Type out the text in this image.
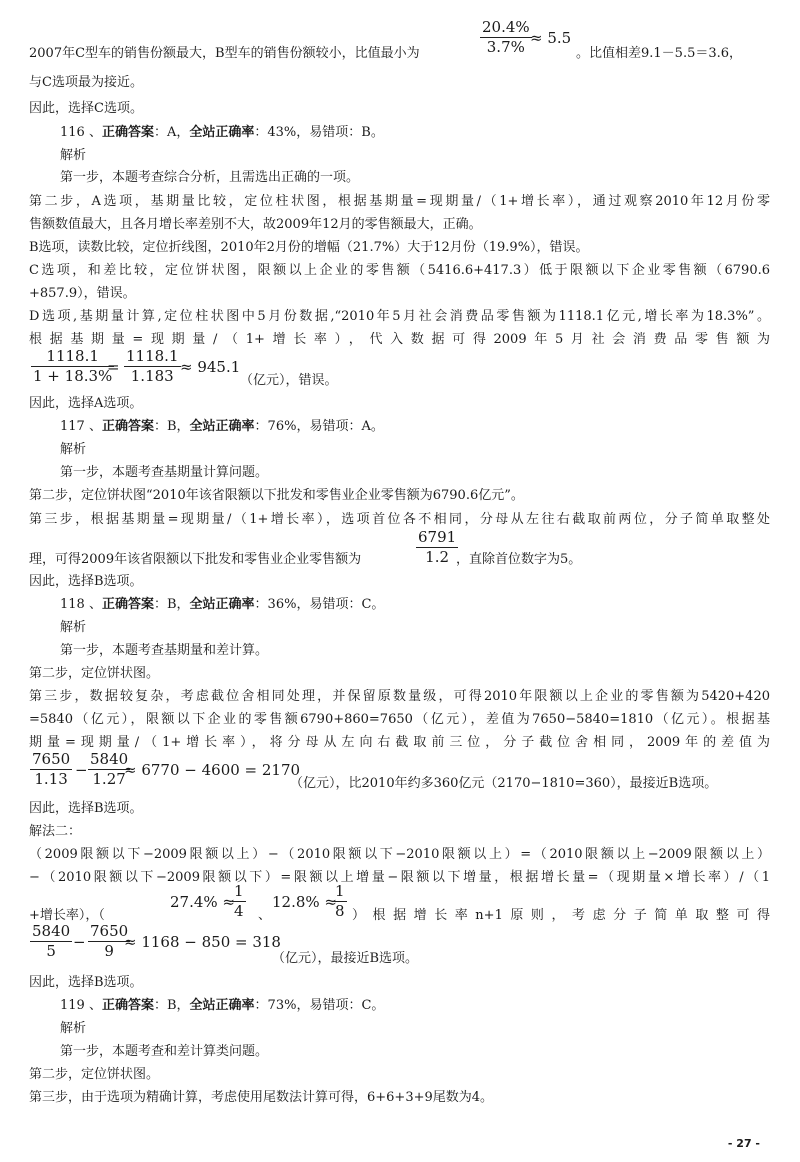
2007年C型车的销售份额最大，B型车的销售份额较小，比值最小为	$\frac{20.4\%}{3.7\%}$
≈ 5.5
。比值相差9.1－5.5＝3.6，
与C选项最为接近。
因此，选择C选项。
116 、正确答案：A，全站正确率：43%，易错项：B。
解析
第一步，本题考查综合分析，且需选出正确的一项。
第二步，A选项，基期量比较，定位柱状图，根据基期量=现期量/（1+增长率），通过观察2010年12月份零
售额数值最大，且各月增长率差别不大，故2009年12月的零售额最大，正确。
B选项，读数比较，定位折线图，2010年2月份的增幅（21.7%）大于12月份（19.9%），错误。
C选项，和差比较，定位饼状图，限额以上企业的零售额（5416.6+417.3）低于限额以下企业零售额（6790.6
+857.9），错误。
D选项,基期量计算,定位柱状图中5月份数据,“2010年5月社会消费品零售额为1118.1亿元,增长率为18.3%”。
根据基期量=现期量/（1+增长率），代入数据可得2009年5月社会消费品零售额为
$\frac{1118.1}{1 + 18.3\%}$
= $\frac{1118.1}{1.183} \approx 945.1$
（亿元），错误。
因此，选择A选项。
117 、正确答案：B，全站正确率：76%，易错项：A。
解析
第一步，本题考查基期量计算问题。
第二步，定位饼状图“2010年该省限额以下批发和零售业企业零售额为6790.6亿元”。
第三步，根据基期量=现期量/（1+增长率），选项首位各不相同，分母从左往右截取前两位，分子简单取整处
$\frac{6791}{1.2}$
理，可得2009年该省限额以下批发和零售业企业零售额为	，直除首位数字为5。
因此，选择B选项。
118 、正确答案：B，全站正确率：36%，易错项：C。
解析
第一步，本题考查基期量和差计算。
第二步，定位饼状图。
第三步，数据较复杂，考虑截位舍相同处理，并保留原数量级，可得2010年限额以上企业的零售额为5420+420
=5840（亿元），限额以下企业的零售额6790+860=7650（亿元），差值为7650−5840=1810（亿元）。根据基
期量=现期量/（1+增长率），将分母从左向右截取前三位，分子截位舍相同，2009年的差值为
$\frac{7650}{1.13} - \frac{5840}{1.27}$
≈ 6770 − 4600 = 2170
（亿元），比2010年约多360亿元（2170−1810=360），最接近B选项。
因此，选择B选项。
解法二：
（2009限额以下−2009限额以上）−（2010限额以下−2010限额以上）=（2010限额以上−2009限额以上）
−（2010限额以下−2009限额以下）=限额以上增量−限额以下增量，根据增长量=（现期量×增长率）/（1
+增长率），（
27.4% ≈
$\frac{1}{4}$ 、
12.8% ≈
$\frac{1}{8}$ ）根据增长率n+1原则，考虑分子简单取整可得
$\frac{5840}{5} - \frac{7650}{9}$
≈ 1168 − 850 = 318
（亿元），最接近B选项。
因此，选择B选项。
119 、正确答案：B，全站正确率：73%，易错项：C。
解析
第一步，本题考查和差计算类问题。
第二步，定位饼状图。
第三步，由于选项为精确计算，考虑使用尾数法计算可得，6+6+3+9尾数为4。
- 27 -
